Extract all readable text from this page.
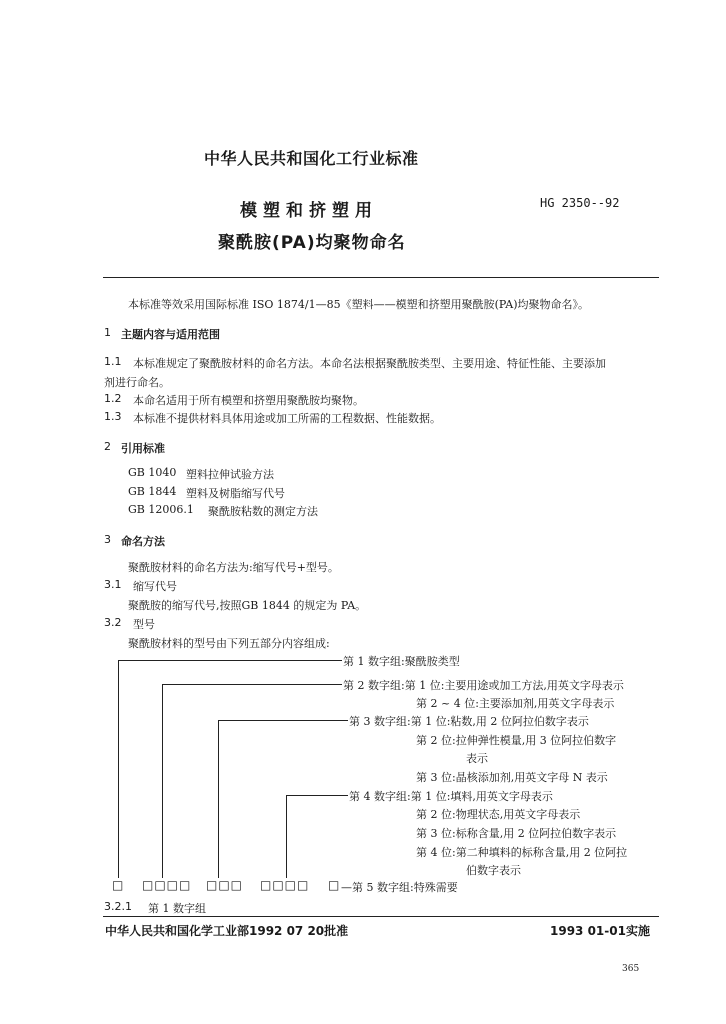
中华人民共和国化工行业标准
模塑和挤塑用
聚酰胺(PA)均聚物命名
HG 2350--92
本标准等效采用国际标准 ISO 1874/1—85《塑料——模塑和挤塑用聚酰胺(PA)均聚物命名》。
1 主题内容与适用范围
1.1 本标准规定了聚酰胺材料的命名方法。本命名法根据聚酰胺类型、主要用途、特征性能、主要添加
剂进行命名。
1.2 本命名适用于所有模塑和挤塑用聚酰胺均聚物。
1.3 本标准不提供材料具体用途或加工所需的工程数据、性能数据。
2 引用标准
GB 1040 塑料拉伸试验方法
GB 1844 塑料及树脂缩写代号
GB 12006.1 聚酰胺粘数的测定方法
3 命名方法
聚酰胺材料的命名方法为:缩写代号+型号。
3.1 缩写代号
聚酰胺的缩写代号,按照GB 1844 的规定为 PA。
3.2 型号
聚酰胺材料的型号由下列五部分内容组成:
第 1 数字组:聚酰胺类型
第 2 数字组:第 1 位:主要用途或加工方法,用英文字母表示
第 2 ~ 4 位:主要添加剂,用英文字母表示
第 3 数字组:第 1 位:粘数,用 2 位阿拉伯数字表示
第 2 位:拉伸弹性模量,用 3 位阿拉伯数字
表示
第 3 位:晶核添加剂,用英文字母 N 表示
第 4 数字组:第 1 位:填料,用英文字母表示
第 2 位:物理状态,用英文字母表示
第 3 位:标称含量,用 2 位阿拉伯数字表示
第 4 位:第二种填料的标称含量,用 2 位阿拉
伯数字表示
□ □□□□ □□□ □□□□ □ —第 5 数字组:特殊需要
3.2.1 第 1 数字组
中华人民共和国化学工业部1992 07 20批准	1993 01-01实施
365
